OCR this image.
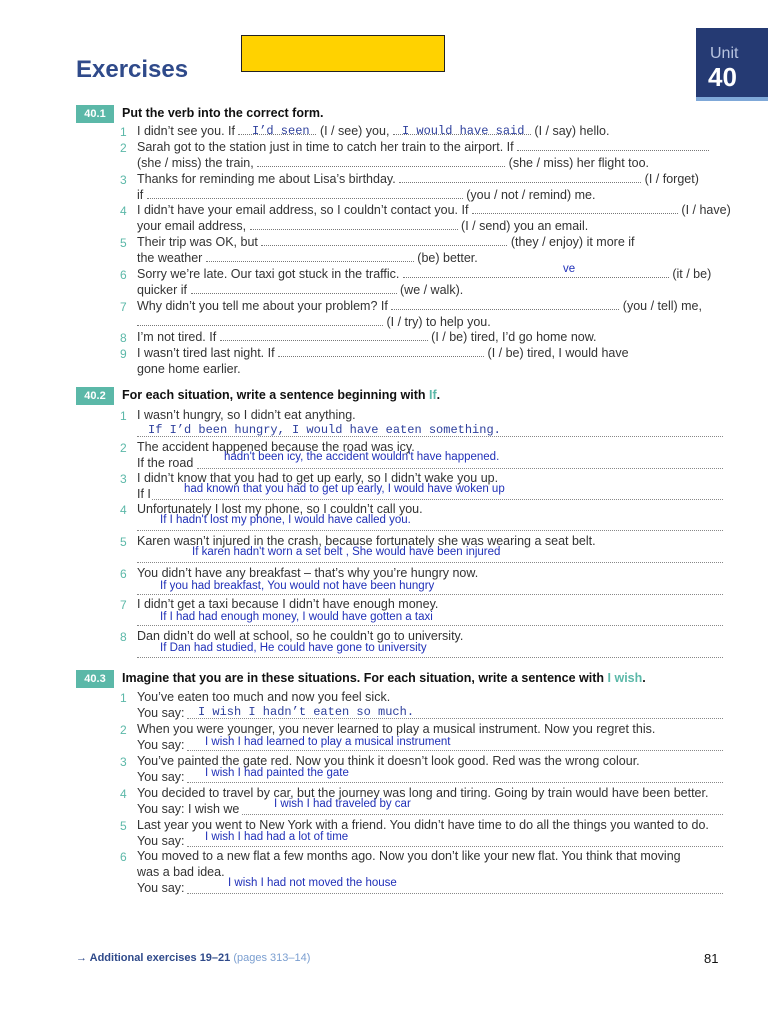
Exercises
Unit
40
40.1	Put the verb into the correct form.
1 I didn’t see you. If	(I / see) you,	(I / say) hello.
I’d seen	I would have said
2 Sarah got to the station just in time to catch her train to the airport. If
(she / miss) the train,	(she / miss) her flight too.
3 Thanks for reminding me about Lisa’s birthday.	(I / forget)
if	(you / not / remind) me.
4 I didn’t have your email address, so I couldn’t contact you. If	(I / have)
your email address,	(I / send) you an email.
5 Their trip was OK, but	(they / enjoy) it more if
the weather	(be) better.
6 Sorry we’re late. Our taxi got stuck in the traffic.	(it / be)
ve
quicker if	(we / walk).
7 Why didn’t you tell me about your problem? If	(you / tell) me,
(I / try) to help you.
8 I’m not tired. If	(I / be) tired, I’d go home now.
9 I wasn’t tired last night. If	(I / be) tired, I would have
gone home earlier.
40.2	For each situation, write a sentence beginning with If.
1 I wasn’t hungry, so I didn’t eat anything.
If I’d been hungry, I would have eaten something.
2 The accident happened because the road was icy.
If the road	hadn't been icy, the accident wouldn't have happened.
3 I didn’t know that you had to get up early, so I didn’t wake you up.
If I	had known that you had to get up early, I would have woken up
4 Unfortunately I lost my phone, so I couldn’t call you.
If I hadn't lost my phone, I would have called you.
5 Karen wasn’t injured in the crash, because fortunately she was wearing a seat belt.
If karen hadn't worn a set belt , She would have been injured
6 You didn’t have any breakfast – that’s why you’re hungry now.
If you had breakfast, You would not have been hungry
7 I didn’t get a taxi because I didn’t have enough money.
If I had had enough money, I would have gotten a taxi
8 Dan didn’t do well at school, so he couldn’t go to university.
If Dan had studied, He could have gone to university
40.3	Imagine that you are in these situations. For each situation, write a sentence with I wish.
1 You’ve eaten too much and now you feel sick.
You say: I wish I hadn’t eaten so much.
2 When you were younger, you never learned to play a musical instrument. Now you regret this.
You say: I wish I had learned to play a musical instrument
3 You’ve painted the gate red. Now you think it doesn’t look good. Red was the wrong colour.
You say: I wish I had painted the gate
4 You decided to travel by car, but the journey was long and tiring. Going by train would have been better.
You say: I wish we	I wish I had traveled by car
5 Last year you went to New York with a friend. You didn’t have time to do all the things you wanted to do.
You say: I wish I had had a lot of time
6 You moved to a new flat a few months ago. Now you don’t like your new flat. You think that moving
was a bad idea.
You say:	I wish I had not moved the house
→ Additional exercises 19–21 (pages 313–14)	81
